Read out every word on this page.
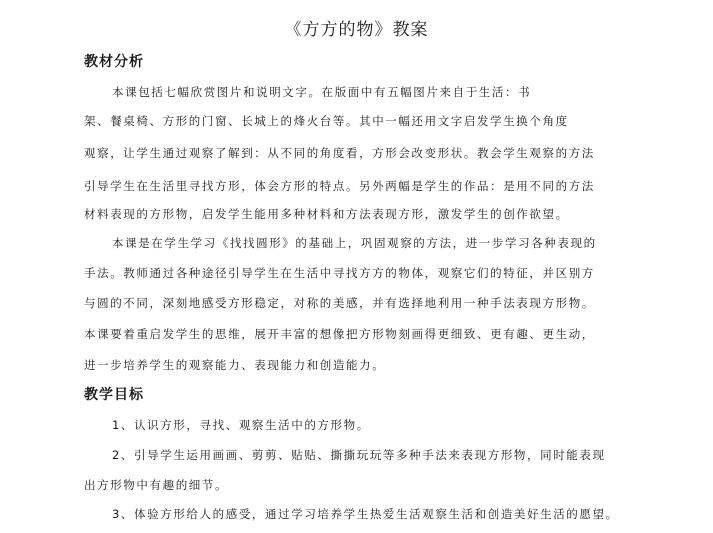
《方方的物》教案
教材分析

本课包括七幅欣赏图片和说明文字。在版面中有五幅图片来自于生活：书

架、餐桌椅、方形的门窗、长城上的烽火台等。其中一幅还用文字启发学生换个角度

观察，让学生通过观察了解到：从不同的角度看，方形会改变形状。教会学生观察的方法

引导学生在生活里寻找方形，体会方形的特点。另外两幅是学生的作品：是用不同的方法

材料表现的方形物，启发学生能用多种材料和方法表现方形，激发学生的创作欲望。

本课是在学生学习《找找圆形》的基础上，巩固观察的方法，进一步学习各种表现的

手法。教师通过各种途径引导学生在生活中寻找方方的物体，观察它们的特征，并区别方

与圆的不同，深刻地感受方形稳定，对称的美感，并有选择地利用一种手法表现方形物。

本课要着重启发学生的思维，展开丰富的想像把方形物刻画得更细致、更有趣、更生动，

进一步培养学生的观察能力、表现能力和创造能力。

教学目标

1、认识方形，寻找、观察生活中的方形物。

2、引导学生运用画画、剪剪、贴贴、撕撕玩玩等多种手法来表现方形物，同时能表现

出方形物中有趣的细节。

3、体验方形给人的感受，通过学习培养学生热爱生活观察生活和创造美好生活的愿望。
